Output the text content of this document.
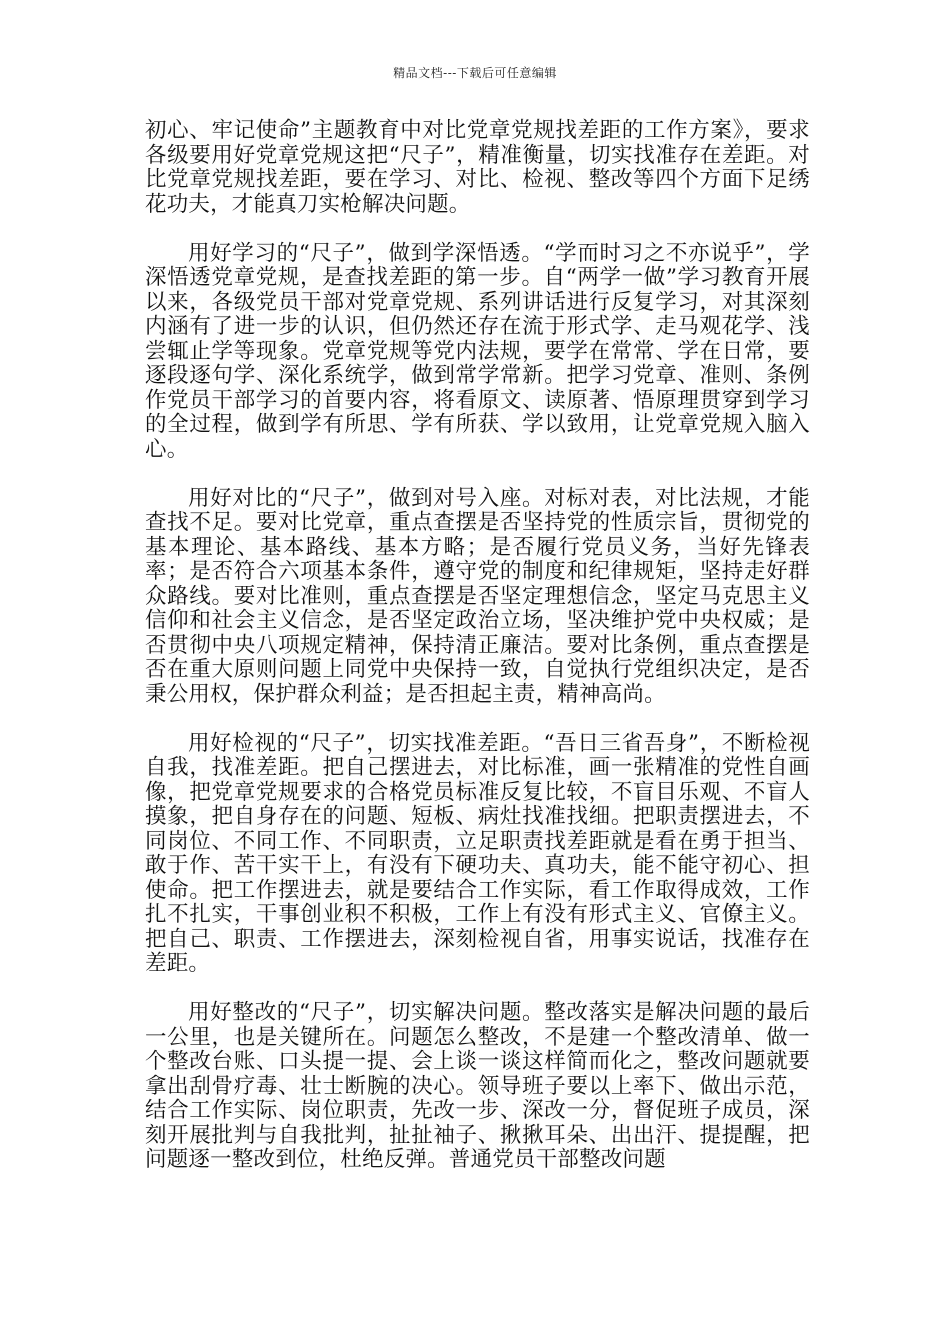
精品文档---下载后可任意编辑

初心、牢记使命”主题教育中对比党章党规找差距的工作方案》，要求各级要用好党章党规这把“尺子”，精准衡量，切实找准存在差距。对比党章党规找差距，要在学习、对比、检视、整改等四个方面下足绣花功夫，才能真刀实枪解决问题。

用好学习的“尺子”，做到学深悟透。“学而时习之不亦说乎”，学深悟透党章党规，是查找差距的第一步。自“两学一做”学习教育开展以来，各级党员干部对党章党规、系列讲话进行反复学习，对其深刻内涵有了进一步的认识，但仍然还存在流于形式学、走马观花学、浅尝辄止学等现象。党章党规等党内法规，要学在常常、学在日常，要逐段逐句学、深化系统学，做到常学常新。把学习党章、准则、条例作党员干部学习的首要内容，将看原文、读原著、悟原理贯穿到学习的全过程，做到学有所思、学有所获、学以致用，让党章党规入脑入心。

用好对比的“尺子”，做到对号入座。对标对表，对比法规，才能查找不足。要对比党章，重点查摆是否坚持党的性质宗旨，贯彻党的基本理论、基本路线、基本方略；是否履行党员义务，当好先锋表率；是否符合六项基本条件，遵守党的制度和纪律规矩，坚持走好群众路线。要对比准则，重点查摆是否坚定理想信念，坚定马克思主义信仰和社会主义信念，是否坚定政治立场，坚决维护党中央权威；是否贯彻中央八项规定精神，保持清正廉洁。要对比条例，重点查摆是否在重大原则问题上同党中央保持一致，自觉执行党组织决定，是否秉公用权，保护群众利益；是否担起主责，精神高尚。

用好检视的“尺子”，切实找准差距。“吾日三省吾身”，不断检视自我，找准差距。把自己摆进去，对比标准，画一张精准的党性自画像，把党章党规要求的合格党员标准反复比较，不盲目乐观、不盲人摸象，把自身存在的问题、短板、病灶找准找细。把职责摆进去，不同岗位、不同工作、不同职责，立足职责找差距就是看在勇于担当、敢于作、苦干实干上，有没有下硬功夫、真功夫，能不能守初心、担使命。把工作摆进去，就是要结合工作实际，看工作取得成效，工作扎不扎实，干事创业积不积极，工作上有没有形式主义、官僚主义。把自己、职责、工作摆进去，深刻检视自省，用事实说话，找准存在差距。

用好整改的“尺子”，切实解决问题。整改落实是解决问题的最后一公里，也是关键所在。问题怎么整改，不是建一个整改清单、做一个整改台账、口头提一提、会上谈一谈这样简而化之，整改问题就要拿出刮骨疗毒、壮士断腕的决心。领导班子要以上率下、做出示范，结合工作实际、岗位职责，先改一步、深改一分，督促班子成员，深刻开展批判与自我批判，扯扯袖子、揪揪耳朵、出出汗、提提醒，把问题逐一整改到位，杜绝反弹。普通党员干部整改问题
